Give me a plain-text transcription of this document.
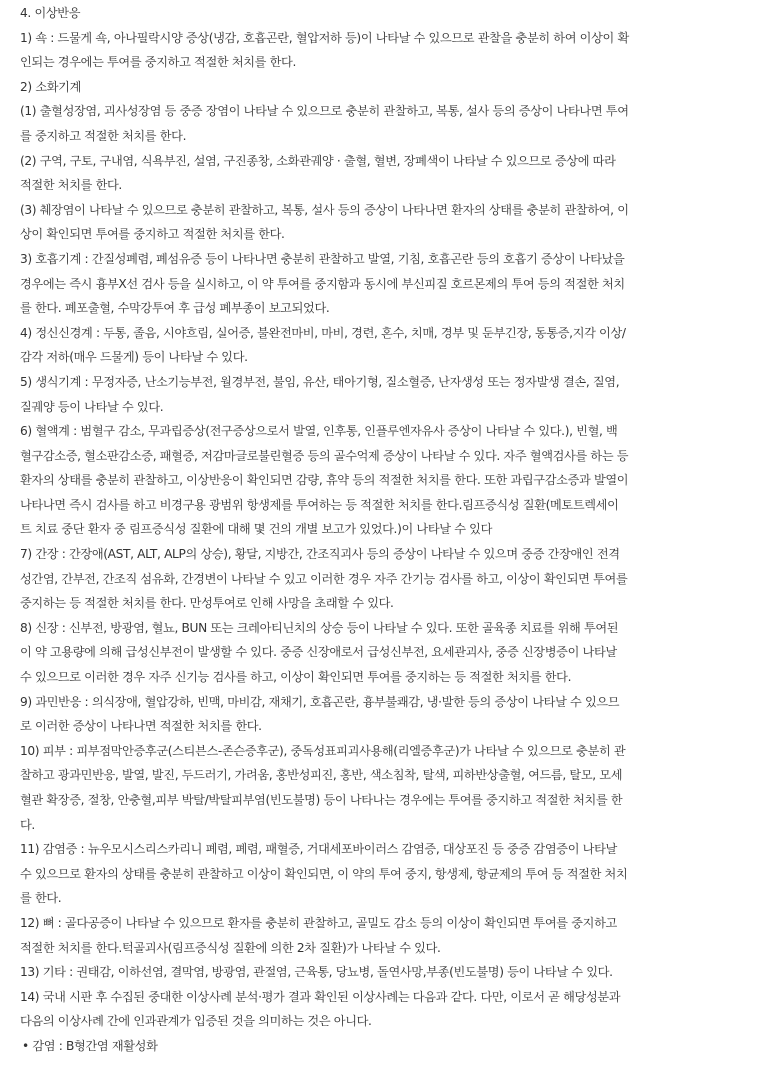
4. 이상반응

1) 쇽 : 드물게 쇽, 아나필락시양 증상(냉감, 호흡곤란, 혈압저하 등)이 나타날 수 있으므로 관찰을 충분히 하여 이상이 확

인되는 경우에는 투여를 중지하고 적절한 처치를 한다.

2) 소화기계

(1) 출혈성장염, 괴사성장염 등 중증 장염이 나타날 수 있으므로 충분히 관찰하고, 복통, 설사 등의 증상이 나타나면 투여

를 중지하고 적절한 처치를 한다.

(2) 구역, 구토, 구내염, 식욕부진, 설염, 구진종창, 소화관궤양 · 출혈, 혈변, 장폐색이 나타날 수 있으므로 증상에 따라

적절한 처치를 한다.

(3) 췌장염이 나타날 수 있으므로 충분히 관찰하고, 복통, 설사 등의 증상이 나타나면 환자의 상태를 충분히 관찰하여, 이

상이 확인되면 투여를 중지하고 적절한 처치를 한다.

3) 호흡기계 : 간질성폐렴, 폐섬유증 등이 나타나면 충분히 관찰하고 발열, 기침, 호흡곤란 등의 호흡기 증상이 나타났을

경우에는 즉시 흉부X선 검사 등을 실시하고, 이 약 투여를 중지함과 동시에 부신피질 호르몬제의 투여 등의 적절한 처치

를 한다. 폐포출혈, 수막강투여 후 급성 폐부종이 보고되었다.

4) 정신신경계 : 두통, 졸음, 시야흐림, 실어증, 불완전마비, 마비, 경련, 혼수, 치매, 경부 및 둔부긴장, 동통증,지각 이상/

감각 저하(매우 드물게) 등이 나타날 수 있다.

5) 생식기계 : 무정자증, 난소기능부전, 월경부전, 불임, 유산, 태아기형, 질소혈증, 난자생성 또는 정자발생 결손, 질염,

질궤양 등이 나타날 수 있다.

6) 혈액계 : 범혈구 감소, 무과립증상(전구증상으로서 발열, 인후통, 인플루엔자유사 증상이 나타날 수 있다.), 빈혈, 백

혈구감소증, 혈소판감소증, 패혈증, 저감마글로불린혈증 등의 골수억제 증상이 나타날 수 있다. 자주 혈액검사를 하는 등

환자의 상태를 충분히 관찰하고, 이상반응이 확인되면 감량, 휴약 등의 적절한 처치를 한다. 또한 과립구감소증과 발열이

나타나면 즉시 검사를 하고 비경구용 광범위 항생제를 투여하는 등 적절한 처치를 한다.림프증식성 질환(메토트렉세이

트 치료 중단 환자 중 림프증식성 질환에 대해 몇 건의 개별 보고가 있었다.)이 나타날 수 있다

7) 간장 : 간장애(AST, ALT, ALP의 상승), 황달, 지방간, 간조직괴사 등의 증상이 나타날 수 있으며 중증 간장애인 전격

성간염, 간부전, 간조직 섬유화, 간경변이 나타날 수 있고 이러한 경우 자주 간기능 검사를 하고, 이상이 확인되면 투여를

중지하는 등 적절한 처치를 한다. 만성투여로 인해 사망을 초래할 수 있다.

8) 신장 : 신부전, 방광염, 혈뇨, BUN 또는 크레아티닌치의 상승 등이 나타날 수 있다. 또한 골육종 치료를 위해 투여된

이 약 고용량에 의해 급성신부전이 발생할 수 있다. 중증 신장애로서 급성신부전, 요세관괴사, 중증 신장병증이 나타날

수 있으므로 이러한 경우 자주 신기능 검사를 하고, 이상이 확인되면 투여를 중지하는 등 적절한 처치를 한다.

9) 과민반응 : 의식장애, 혈압강하, 빈맥, 마비감, 재채기, 호흡곤란, 흉부불쾌감, 냉·발한 등의 증상이 나타날 수 있으므

로 이러한 증상이 나타나면 적절한 처치를 한다.

10) 피부 : 피부점막안증후군(스티븐스-존슨증후군), 중독성표피괴사용해(리엘증후군)가 나타날 수 있으므로 충분히 관

찰하고 광과민반응, 발열, 발진, 두드러기, 가려움, 홍반성피진, 홍반, 색소침착, 탈색, 피하반상출혈, 여드름, 탈모, 모세

혈관 확장증, 절창, 안충혈,피부 박탈/박탈피부염(빈도불명) 등이 나타나는 경우에는 투여를 중지하고 적절한 처치를 한

다.

11) 감염증 : 뉴우모시스리스카리니 폐렴, 폐렴, 패혈증, 거대세포바이러스 감염증, 대상포진 등 중증 감염증이 나타날

수 있으므로 환자의 상태를 충분히 관찰하고 이상이 확인되면, 이 약의 투여 중지, 항생제, 항균제의 투여 등 적절한 처치

를 한다.

12) 뼈 : 골다공증이 나타날 수 있으므로 환자를 충분히 관찰하고, 골밀도 감소 등의 이상이 확인되면 투여를 중지하고

적절한 처치를 한다.턱골괴사(림프증식성 질환에 의한 2차 질환)가 나타날 수 있다.

13) 기타 : 권태감, 이하선염, 결막염, 방광염, 관절염, 근육통, 당뇨병, 돌연사망,부종(빈도불명) 등이 나타날 수 있다.

14) 국내 시판 후 수집된 중대한 이상사례 분석·평가 결과 확인된 이상사례는 다음과 같다. 다만, 이로서 곧 해당성분과

다음의 이상사례 간에 인과관계가 입증된 것을 의미하는 것은 아니다.

• 감염 : B형간염 재활성화
